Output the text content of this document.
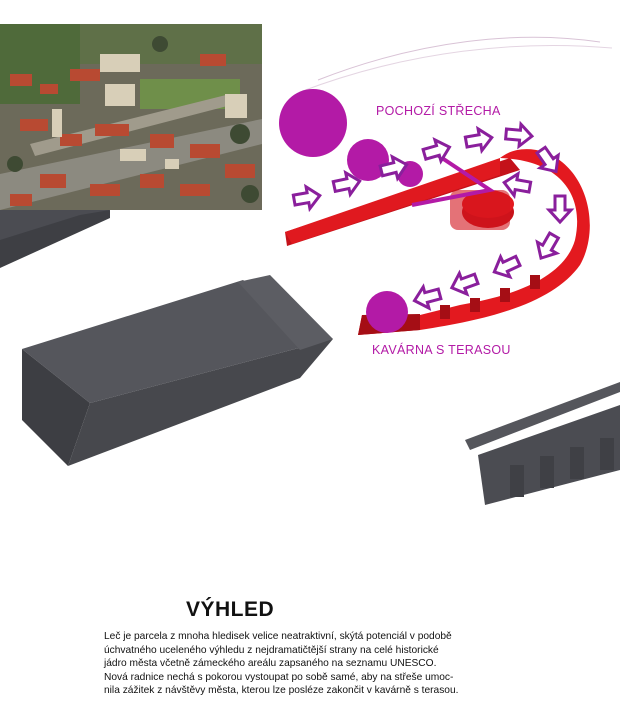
POCHOZÍ STŘECHA
KAVÁRNA S TERASOU
VÝHLED

Leč je parcela z mnoha hledisek velice neatraktivní, skýtá potenciál v podobě
úchvatného uceleného výhledu z nejdramatičtější strany na celé historické
jádro města včetně zámeckého areálu zapsaného na seznamu UNESCO.
Nová radnice nechá s pokorou vystoupat po sobě samé, aby na střeše umoc-
nila zážitek z návštěvy města, kterou lze posléze zakončit v kavárně s terasou.
